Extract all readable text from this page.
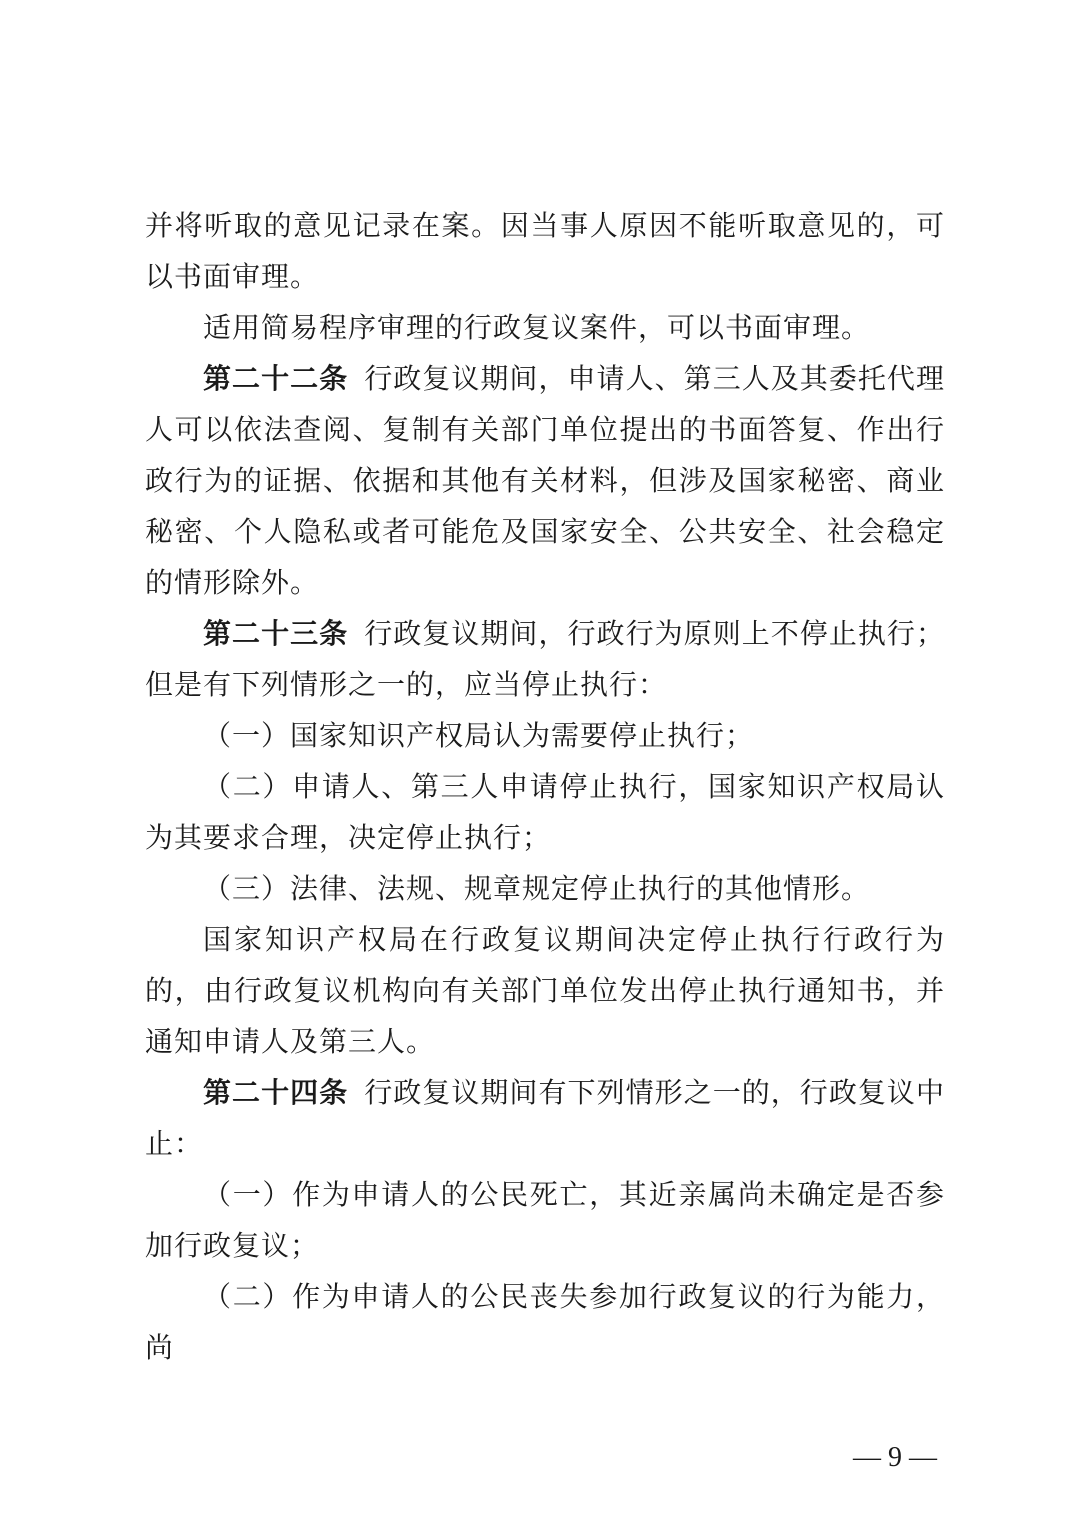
并将听取的意见记录在案。因当事人原因不能听取意见的，可以书面审理。

适用简易程序审理的行政复议案件，可以书面审理。

第二十二条 行政复议期间，申请人、第三人及其委托代理人可以依法查阅、复制有关部门单位提出的书面答复、作出行政行为的证据、依据和其他有关材料，但涉及国家秘密、商业秘密、个人隐私或者可能危及国家安全、公共安全、社会稳定的情形除外。

第二十三条 行政复议期间，行政行为原则上不停止执行；但是有下列情形之一的，应当停止执行：

（一）国家知识产权局认为需要停止执行；

（二）申请人、第三人申请停止执行，国家知识产权局认为其要求合理，决定停止执行；

（三）法律、法规、规章规定停止执行的其他情形。

国家知识产权局在行政复议期间决定停止执行行政行为的，由行政复议机构向有关部门单位发出停止执行通知书，并通知申请人及第三人。

第二十四条 行政复议期间有下列情形之一的，行政复议中止：

（一）作为申请人的公民死亡，其近亲属尚未确定是否参加行政复议；

（二）作为申请人的公民丧失参加行政复议的行为能力，尚

— 9 —
